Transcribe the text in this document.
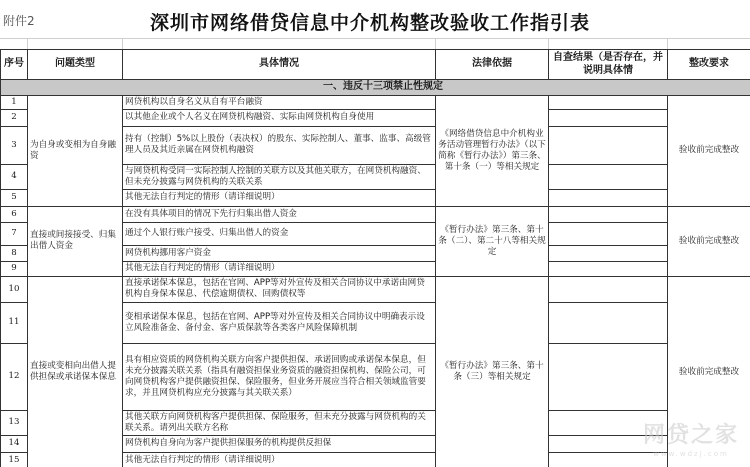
附件2	深圳市网络借贷信息中介机构整改验收工作指引表
序号	问题类型	具体情况	法律依据	自查结果（是否存在，并说明具体情	整改要求
一、违反十三项禁止性规定					
1	为自身或变相为自身融资	网贷机构以自身名义从自有平台融资	《网络借贷信息中介机构业务活动管理暂行办法》（以下简称《暂行办法》）第三条、第十条（一）等相关规定		验收前完成整改
2		以其他企业或个人名义在网贷机构融资、实际由网贷机构自身使用			
3		持有（控制）5%以上股份（表决权）的股东、实际控制人、董事、监事、高级管理人员及其近亲属在网贷机构融资			
4		与网贷机构受同一实际控制人控制的关联方以及其他关联方，在网贷机构融资、但未充分披露与网贷机构的关联关系			
5		其他无法自行判定的情形（请详细说明）			
6	直接或间接接受、归集出借人资金	在没有具体项目的情况下先行归集出借人资金	《暂行办法》第三条、第十条（二）、第二十八等相关规定		验收前完成整改
7		通过个人银行账户接受、归集出借人的资金			
8		网贷机构挪用客户资金			
9		其他无法自行判定的情形（请详细说明）			
10	直接或变相向出借人提供担保或承诺保本保息	直接承诺保本保息，包括在官网、APP等对外宣传及相关合同协议中承诺由网贷机构自身保本保息、代偿逾期债权、回购债权等	《暂行办法》第三条、第十条（三）等相关规定		验收前完成整改
11		变相承诺保本保息，包括在官网、APP等对外宣传及相关合同协议中明确表示设立风险准备金、备付金、客户质保款等各类客户风险保障机制			
12		具有相应资质的网贷机构关联方向客户提供担保、承诺回购或承诺保本保息，但未充分披露关联关系（指具有融资担保业务资质的融资担保机构、保险公司，可向网贷机构客户提供融资担保、保险服务，但业务开展应当符合相关领域监管要求，并且网贷机构应充分披露与其关联关系）			
13		其他关联方向网贷机构客户提供担保、保险服务，但未充分披露与网贷机构的关联关系。请列出关联方名称			
14		网贷机构自身向为客户提供担保服务的机构提供反担保			
15		其他无法自行判定的情形（请详细说明）			
网贷之家
www.wdzj.com
